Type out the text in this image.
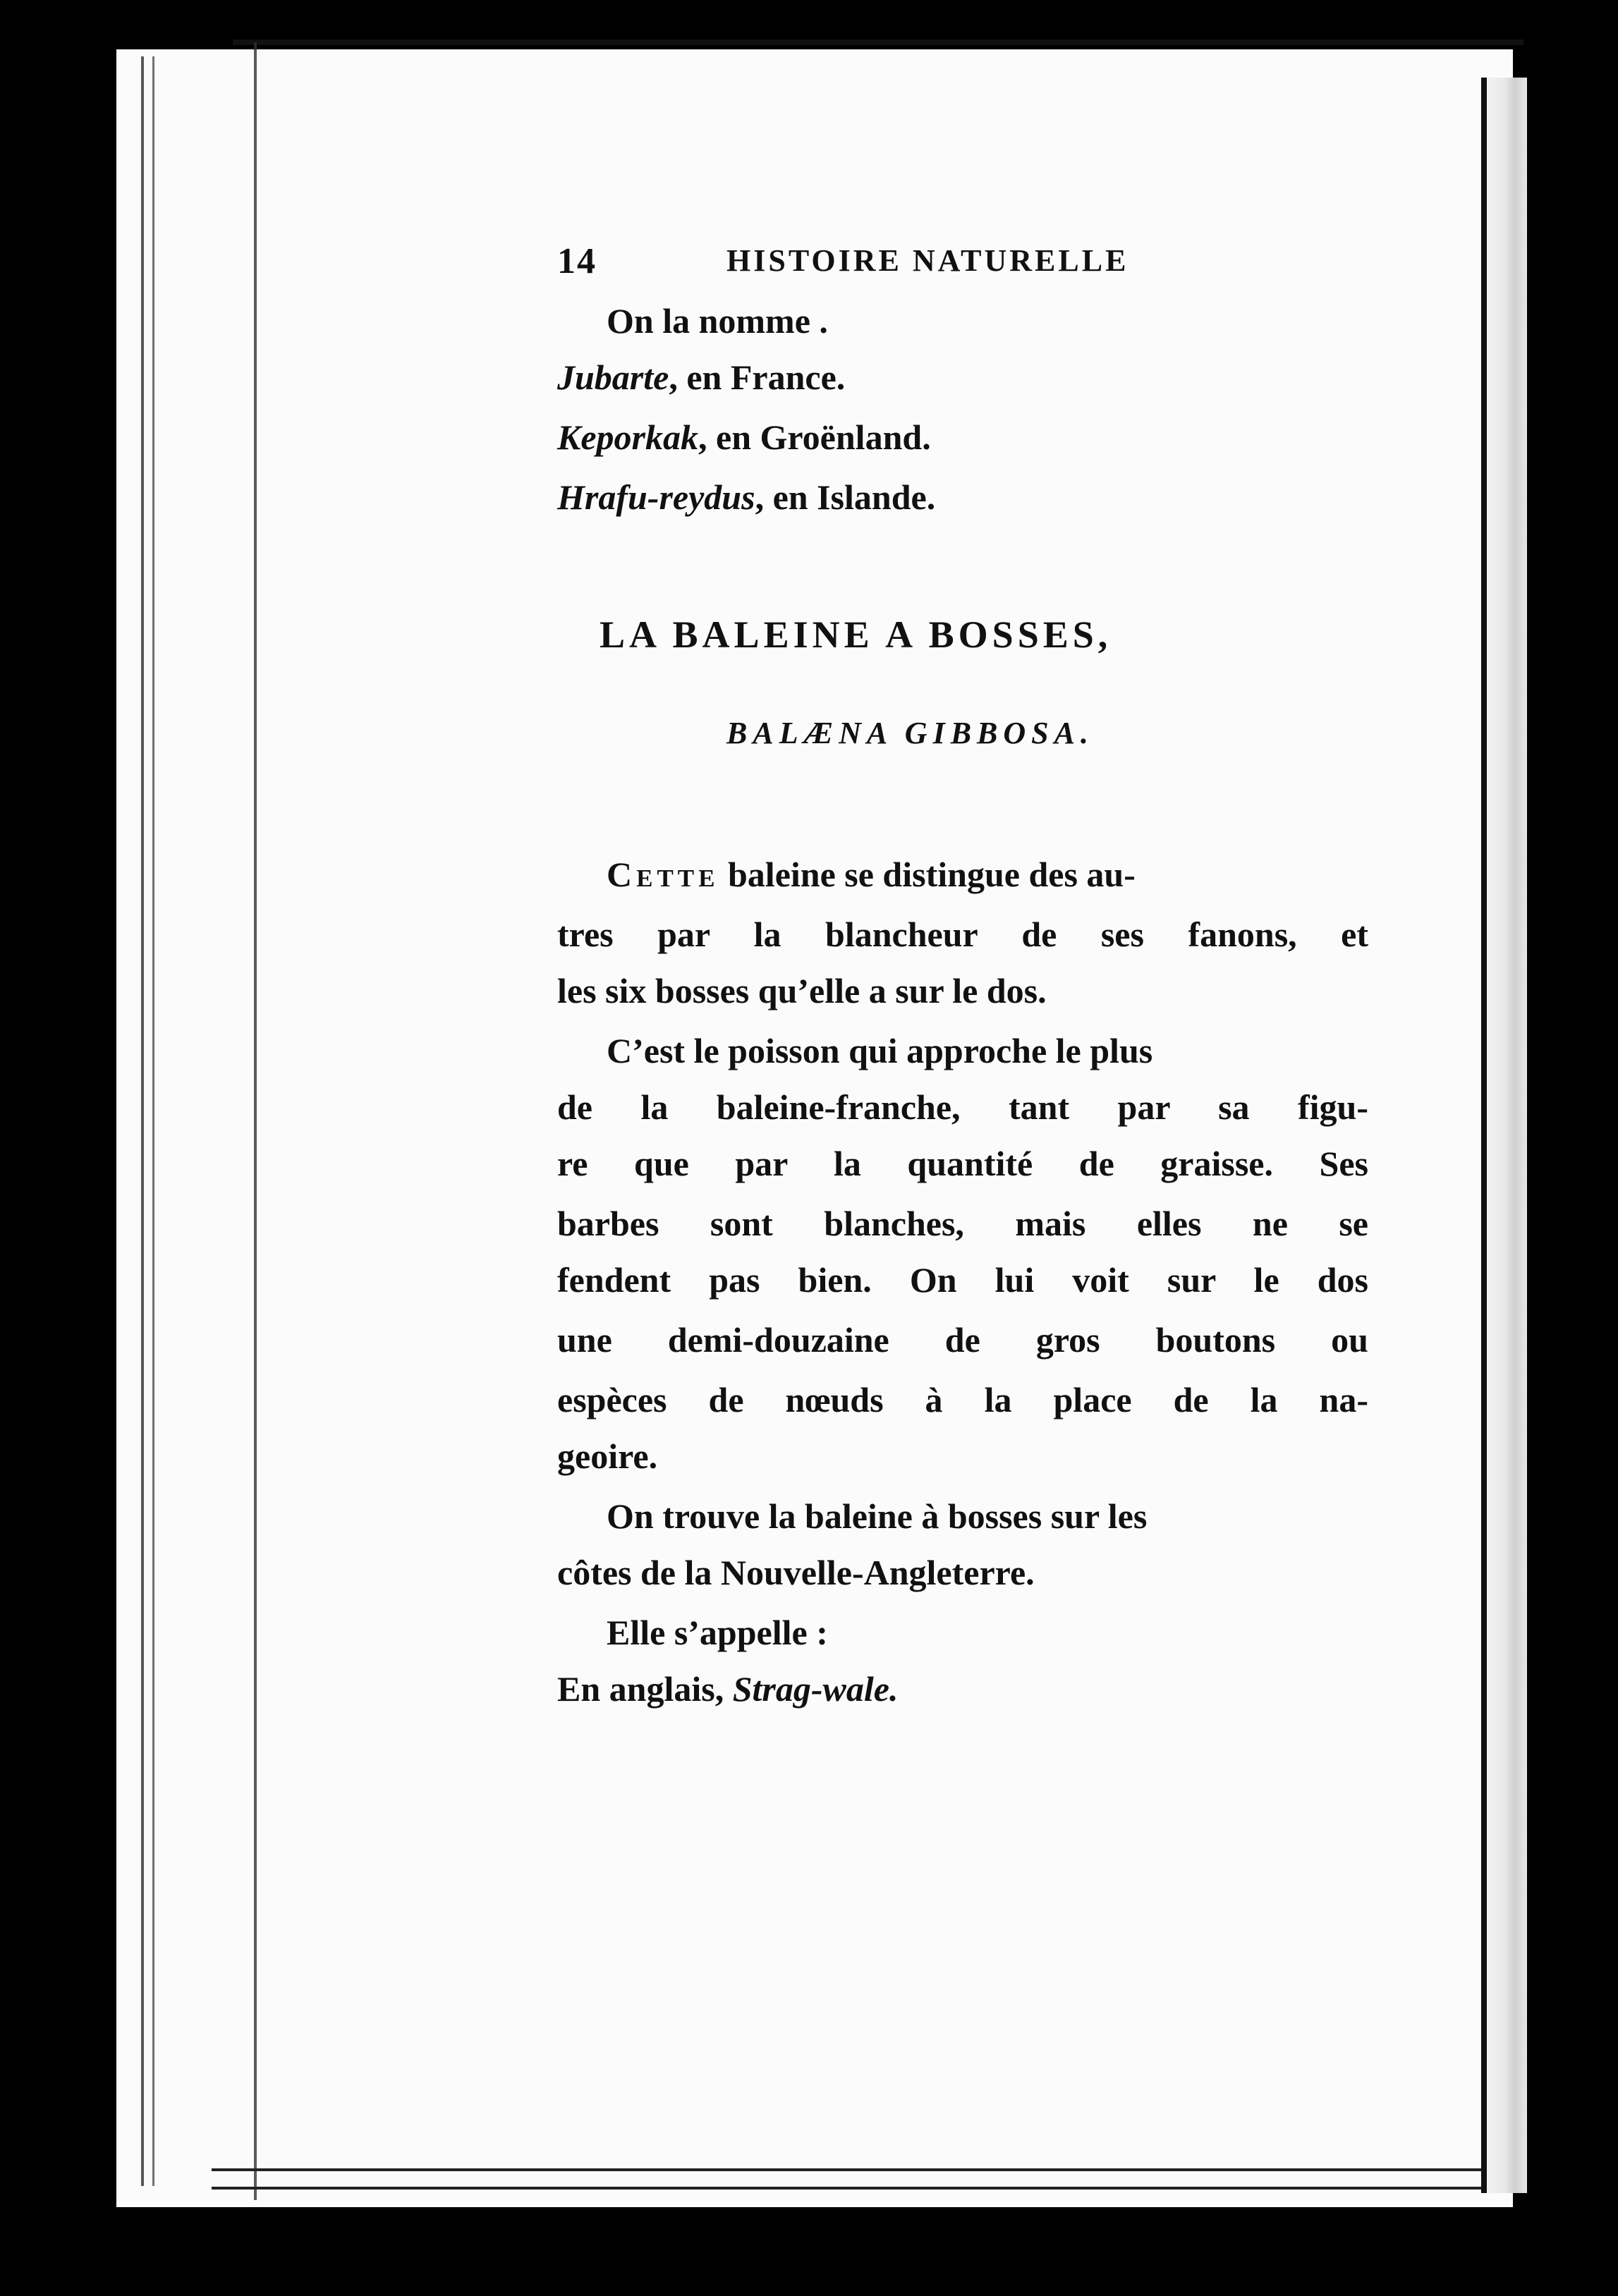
14	HISTOIRE NATURELLE
On la nomme .
Jubarte, en France.
Keporkak, en Groënland.
Hrafu-reydus, en Islande.
LA BALEINE A BOSSES,
BALÆNA GIBBOSA.
Cette baleine se distingue des au-
tres par la blancheur de ses fanons, et
les six bosses qu’elle a sur le dos.
C’est le poisson qui approche le plus
de la baleine-franche, tant par sa figu-
re que par la quantité de graisse. Ses
barbes sont blanches, mais elles ne se
fendent pas bien. On lui voit sur le dos
une demi-douzaine de gros boutons ou
espèces de nœuds à la place de la na-
geoire.
On trouve la baleine à bosses sur les
côtes de la Nouvelle-Angleterre.
Elle s’appelle :
En anglais, Strag-wale.
